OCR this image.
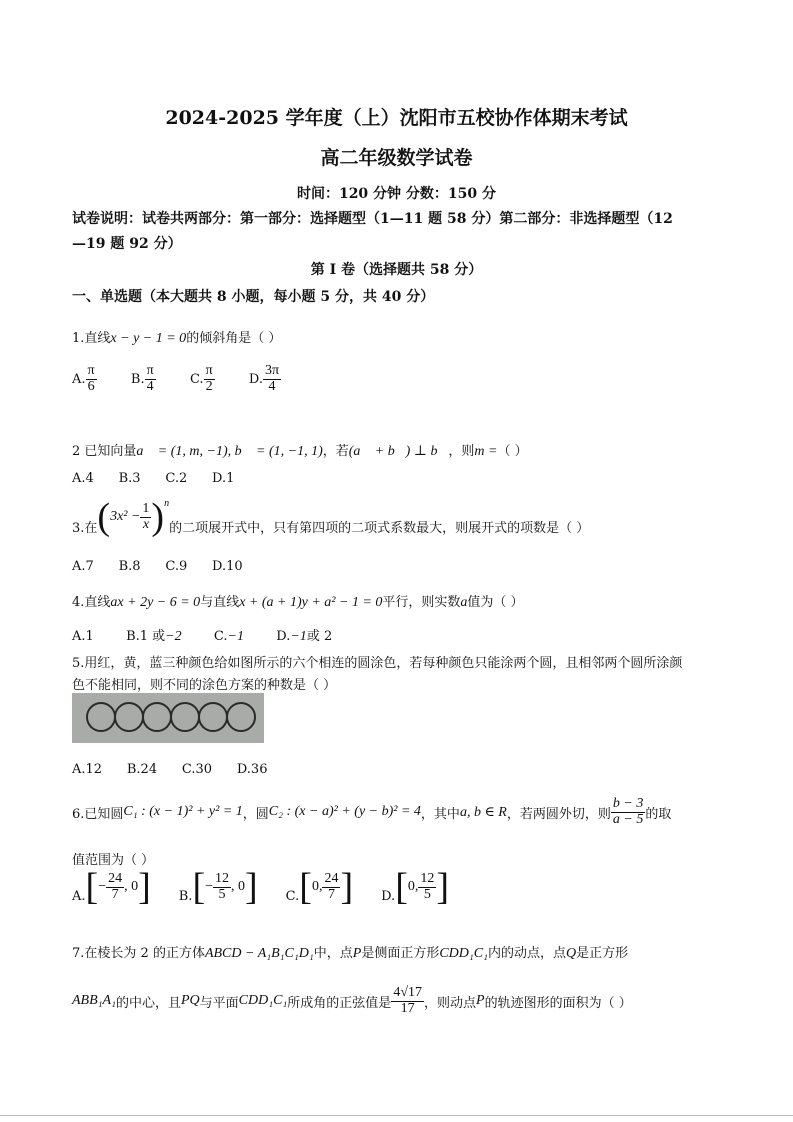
2024-2025 学年度（上）沈阳市五校协作体期末考试
高二年级数学试卷
时间：120 分钟 分数：150 分
试卷说明：试卷共两部分：第一部分：选择题型（1—11 题 58 分）第二部分：非选择题型（12
—19 题 92 分）
第 I 卷（选择题共 58 分）
一、单选题（本大题共 8 小题，每小题 5 分，共 40 分）
1.直线x − y − 1 = 0的倾斜角是（ ）
A. $\frac{\pi}{6}$	B. $\frac{\pi}{4}$	C. $\frac{\pi}{2}$	D. $\frac{3\pi}{4}$
2 已知向量a⃗ = (1, m, −1), b⃗ = (1, −1, 1)，若(a⃗ + b⃗) ⊥ b⃗，则m =（ ）
A.4      B.3      C.2      D.1
3.在 ( $3x^2 - \frac{1}{x} )^n$
的二项展开式中，只有第四项的二项式系数最大，则展开式的项数是（ ）
A.7      B.8      C.9      D.10
4.直线ax + 2y − 6 = 0与直线x + (a + 1)y + a² − 1 = 0平行，则实数a值为（ ）
A.1 B.1 或−2 C.−1 D.−1或 2
5.用红，黄，蓝三种颜色给如图所示的六个相连的圆涂色，若每种颜色只能涂两个圆，且相邻两个圆所涂颜
色不能相同，则不同的涂色方案的种数是（ ）
A.12      B.24      C.30      D.36
6.已知圆 C₁ : (x − 1)² + y² = 1 ，圆 C₂ : (x − a)² + (y − b)² = 4 ，其中 a, b ∈ R ，若两圆外切，则 $\frac{b - 3}{a - 5}$ 的取
值范围为（ ）
A. [ − $\frac{24}{7}$ , 0 ] B. [ − $\frac{12}{5}$ , 0 ] C. [ 0, $\frac{24}{7}$ ] D. [ 0, $\frac{12}{5}$ ]
7.在棱长为 2 的正方体ABCD − A₁B₁C₁D₁中，点P是侧面正方形CDD₁C₁内的动点，点Q是正方形
ABB₁A₁ 的中心，且 PQ 与平面 CDD₁C₁ 所成角的正弦值是 $\frac{4√17}{17}$ ，则动点 P 的轨迹图形的面积为（ ）
